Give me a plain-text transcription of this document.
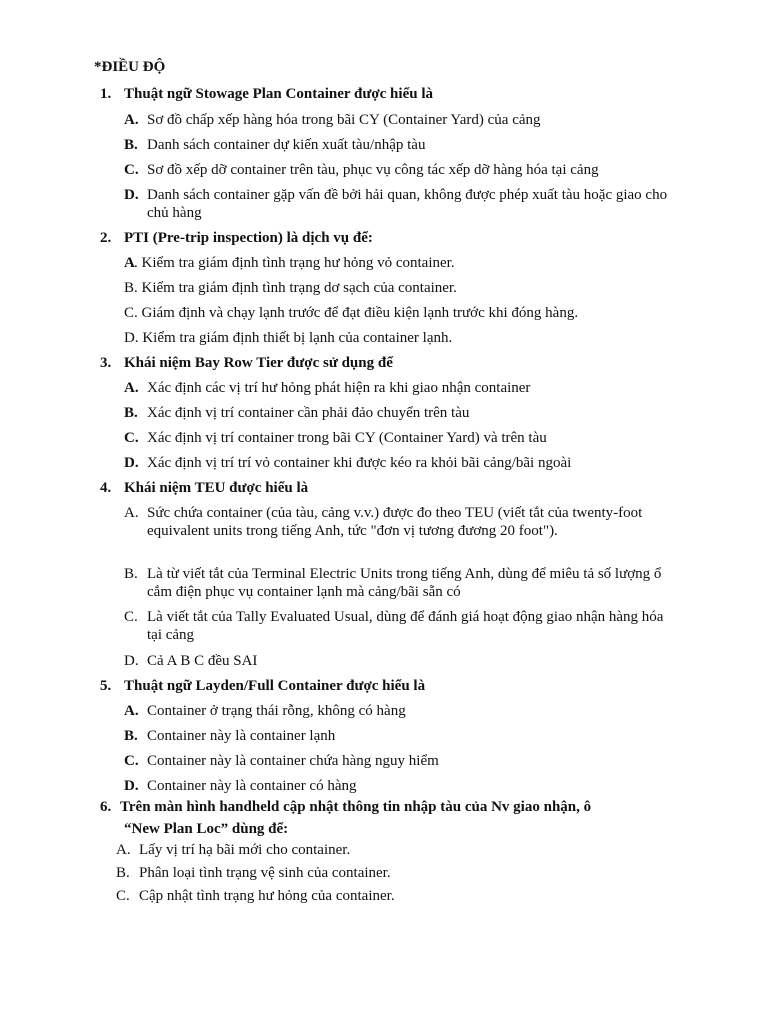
*ĐIỀU ĐỘ
1. Thuật ngữ Stowage Plan Container được hiểu là
A. Sơ đồ chấp xếp hàng hóa trong bãi CY (Container Yard) của cảng
B. Danh sách container dự kiến xuất tàu/nhập tàu
C. Sơ đồ xếp dỡ container trên tàu, phục vụ công tác xếp dỡ hàng hóa tại cảng
D. Danh sách container gặp vấn đề bởi hải quan, không được phép xuất tàu hoặc giao cho chủ hàng
2. PTI (Pre-trip inspection) là dịch vụ để:
A . Kiểm tra giám định tình trạng hư hỏng vỏ container.
B. Kiểm tra giám định tình trạng dơ sạch của container.
C. Giám định và chạy lạnh trước để đạt điều kiện lạnh trước khi đóng hàng.
D. Kiểm tra giám định thiết bị lạnh của container lạnh.
3. Khái niệm Bay Row Tier được sử dụng để
A. Xác định các vị trí hư hỏng phát hiện ra khi giao nhận container
B. Xác định vị trí container cần phải đảo chuyển trên tàu
C. Xác định vị trí container trong bãi CY (Container Yard) và trên tàu
D. Xác định vị trí trí vỏ container khi được kéo ra khỏi bãi cảng/bãi ngoài
4. Khái niệm TEU được hiểu là
A. Sức chứa container (của tàu, cảng v.v.) được đo theo TEU (viết tắt của twenty-foot equivalent units trong tiếng Anh, tức "đơn vị tương đương 20 foot").
B. Là từ viết tắt của Terminal Electric Units trong tiếng Anh, dùng để miêu tả số lượng ổ cắm điện phục vụ container lạnh mà cảng/bãi sẵn có
C. Là viết tắt của Tally Evaluated Usual, dùng để đánh giá hoạt động giao nhận hàng hóa tại cảng
D. Cả A B C đều SAI
5. Thuật ngữ Layden/Full Container được hiểu là
A. Container ở trạng thái rỗng, không có hàng
B. Container này là container lạnh
C. Container này là container chứa hàng nguy hiểm
D. Container này là container có hàng
6. Trên màn hình handheld cập nhật thông tin nhập tàu của Nv giao nhận, ô
“New Plan Loc” dùng để:
A. Lấy vị trí hạ bãi mới cho container.
B. Phân loại tình trạng vệ sinh của container.
C. Cập nhật tình trạng hư hỏng của container.
